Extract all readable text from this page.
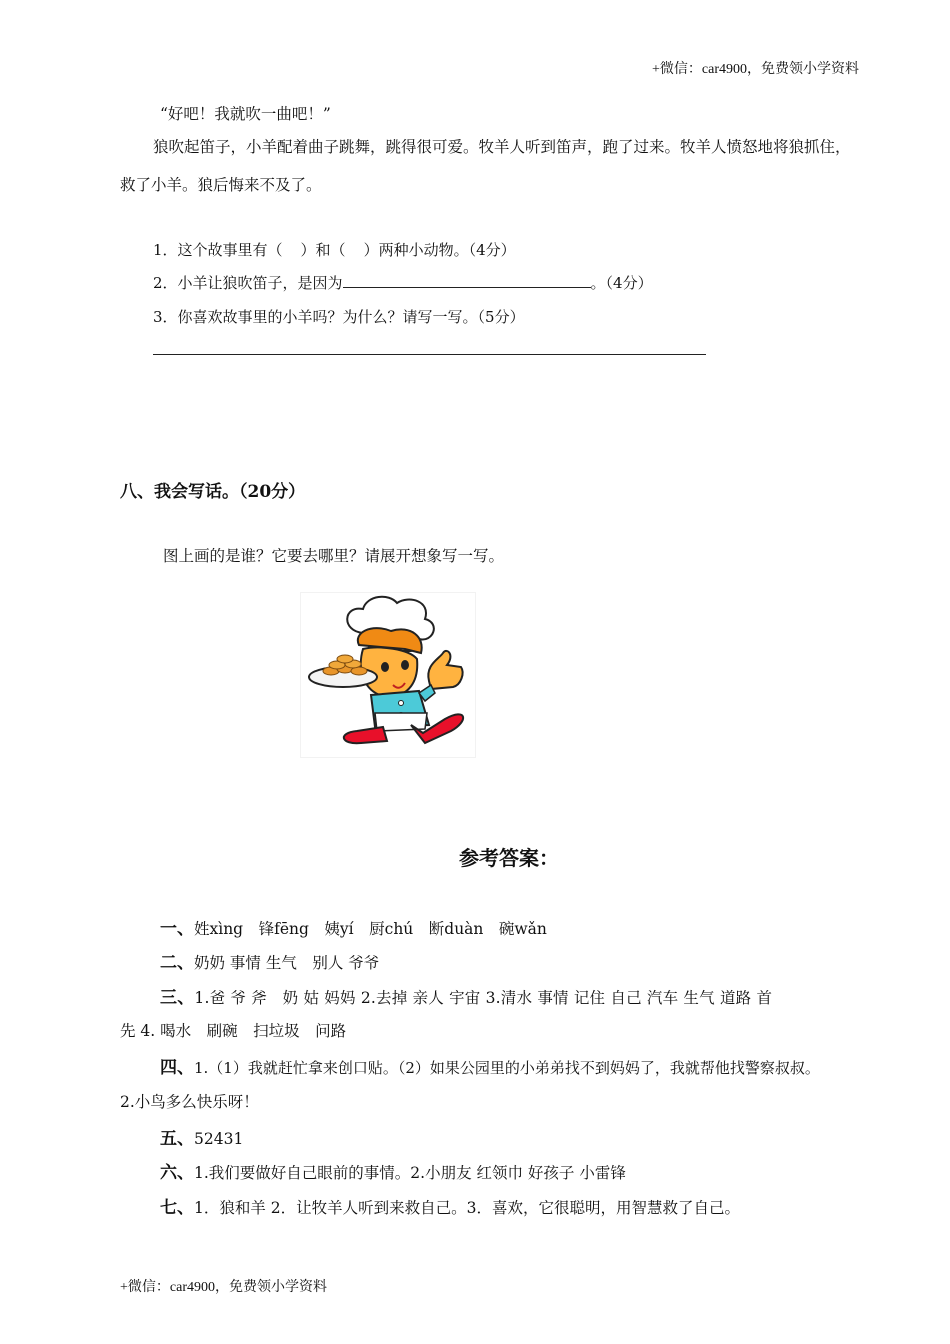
+微信：car4900，免费领小学资料
“好吧！我就吹一曲吧！”
狼吹起笛子，小羊配着曲子跳舞，跳得很可爱。牧羊人听到笛声，跑了过来。牧羊人愤怒地将狼抓住，
救了小羊。狼后悔来不及了。
1．这个故事里有（ ）和（ ）两种小动物。（4分）
2．小羊让狼吹笛子，是因为	。（4分）
3．你喜欢故事里的小羊吗？为什么？请写一写。（5分）
八、我会写话。（20分）
图上画的是谁？它要去哪里？请展开想象写一写。
参考答案：
一、姓xìng　锋fēng　姨yí　厨chú　断duàn　碗wǎn
二、奶奶 事情 生气　别人 爷爷
三、1.爸 爷 斧　奶 姑 妈妈 2.去掉 亲人 宇宙 3.清水 事情 记住 自己 汽车 生气 道路 首
先 4. 喝水　刷碗　扫垃圾　问路
四、1.（1）我就赶忙拿来创口贴。（2）如果公园里的小弟弟找不到妈妈了，我就帮他找警察叔叔。
2.小鸟多么快乐呀！
五、52431
六、1.我们要做好自己眼前的事情。2.小朋友 红领巾 好孩子 小雷锋
七、1．狼和羊 2．让牧羊人听到来救自己。3．喜欢，它很聪明，用智慧救了自己。
+微信：car4900，免费领小学资料
